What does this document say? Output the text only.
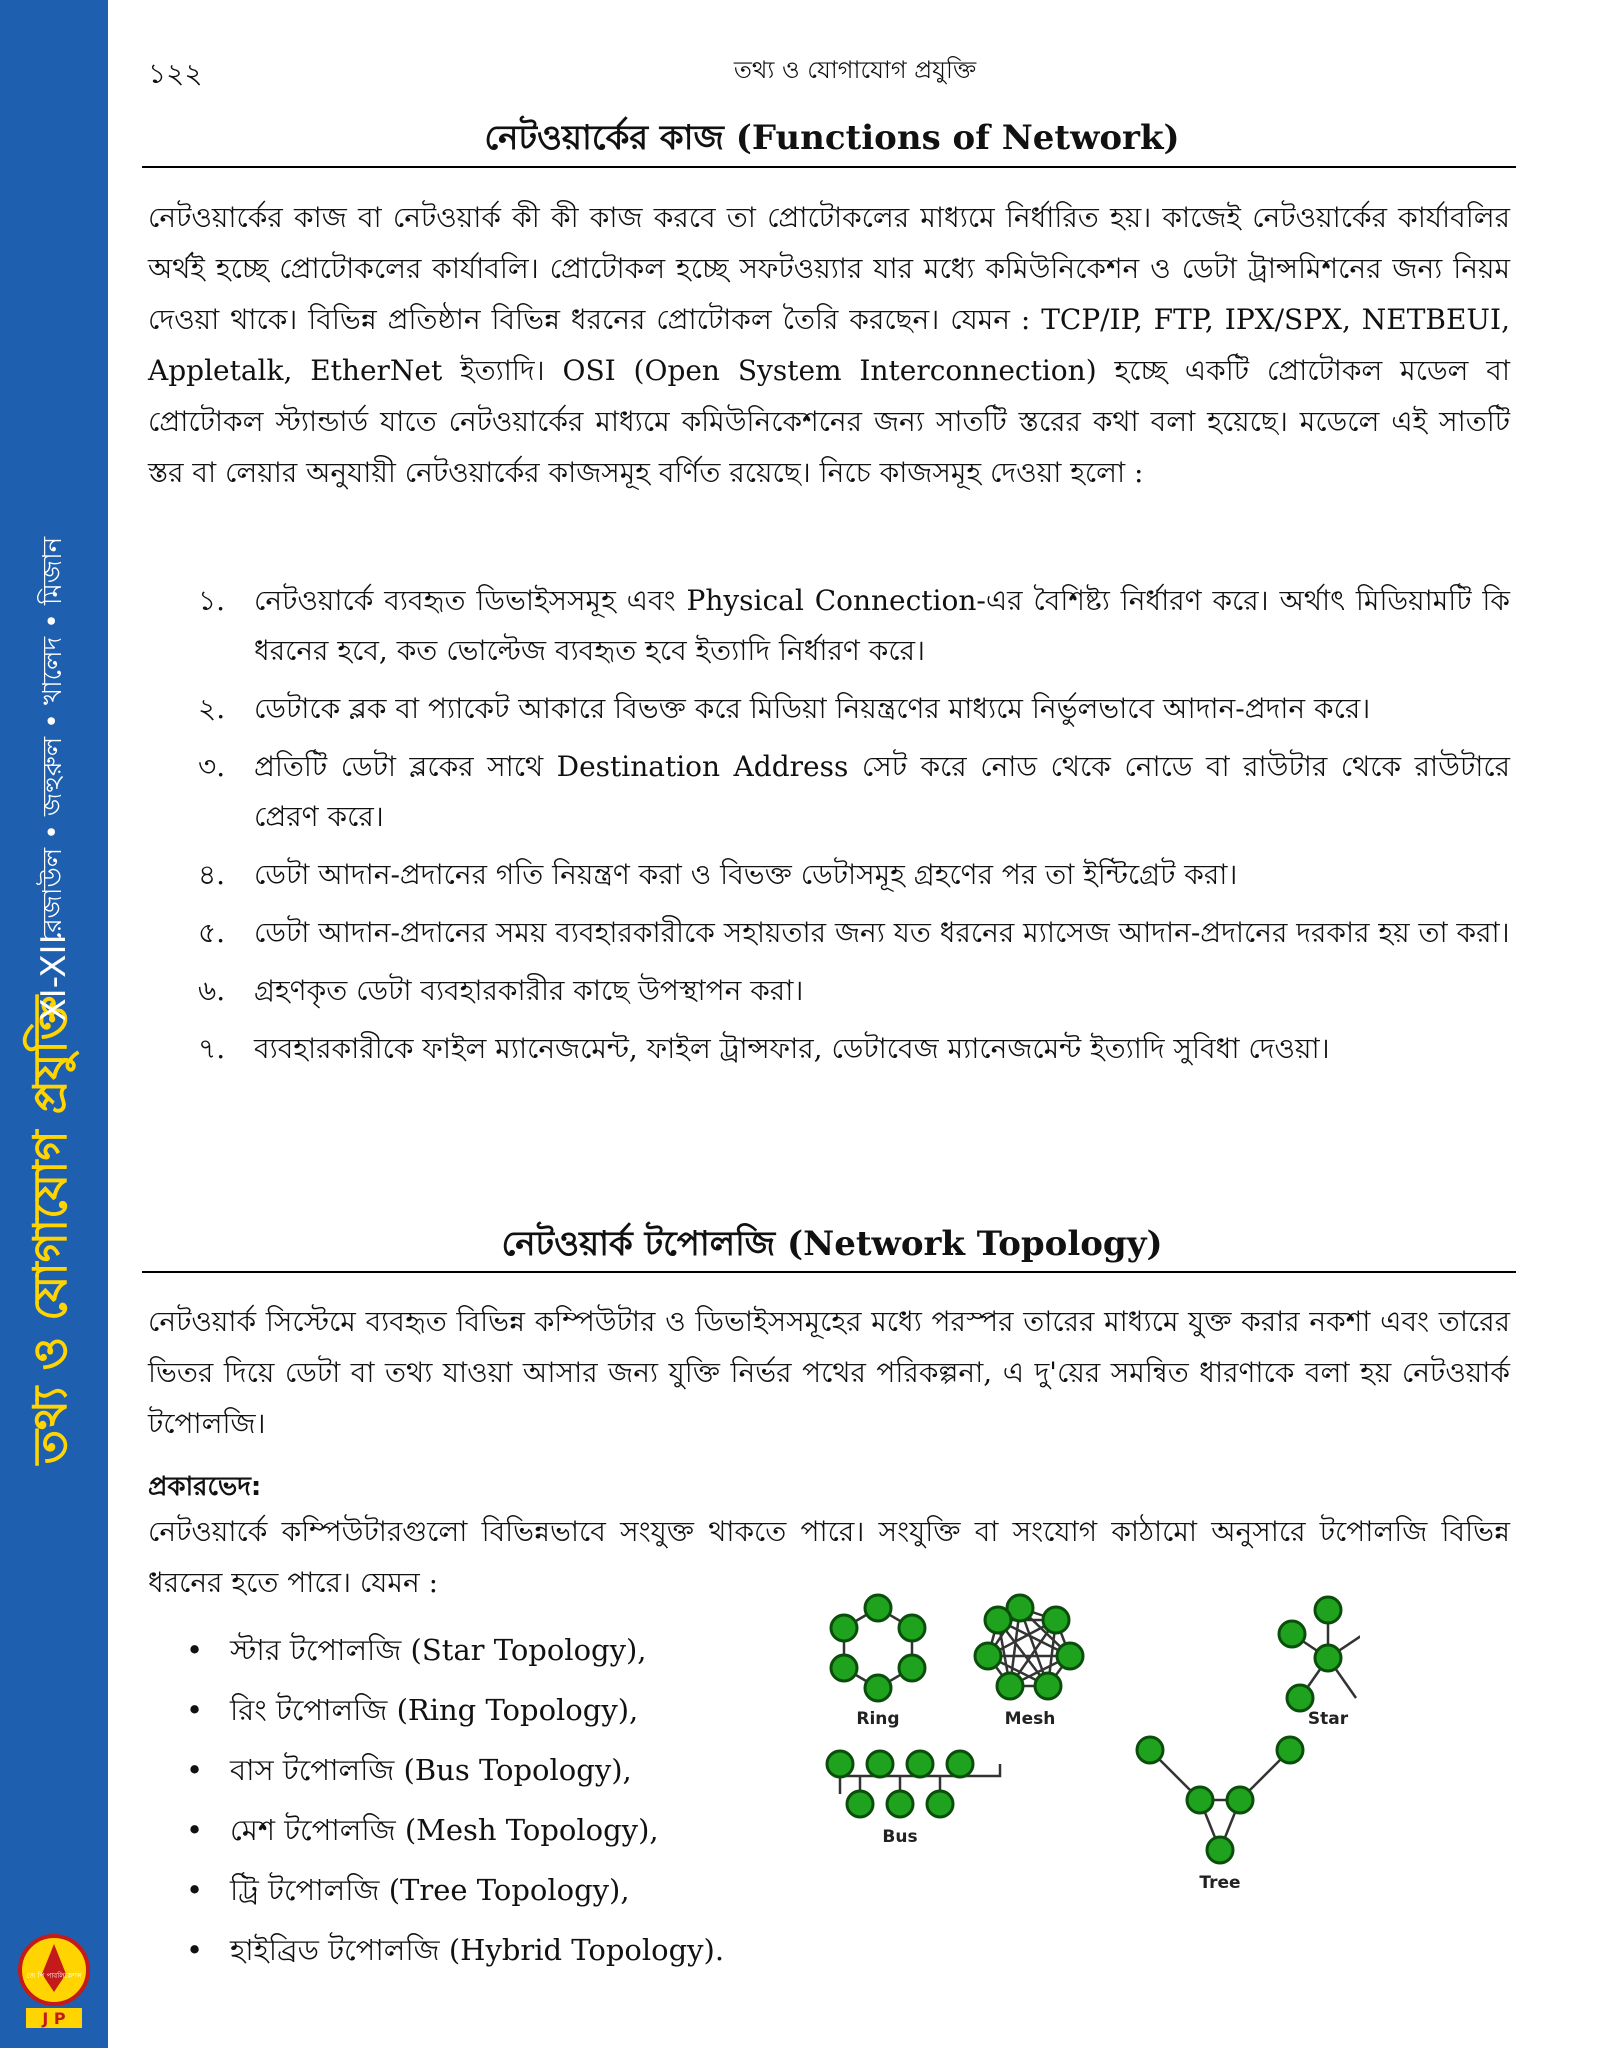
তথ্য ও যোগাযোগ প্রযুক্তি
XI-XII
রেজাউল • জহুরুল • খালেদ • মিজান
জে পি পাবলিকেশন্স
J P
১২২	তথ্য ও যোগাযোগ প্রযুক্তি
নেটওয়ার্কের কাজ (Functions of Network)
নেটওয়ার্কের কাজ বা নেটওয়ার্ক কী কী কাজ করবে তা প্রোটোকলের মাধ্যমে নির্ধারিত হয়। কাজেই নেটওয়ার্কের কার্যাবলির অর্থই হচ্ছে প্রোটোকলের কার্যাবলি। প্রোটোকল হচ্ছে সফটওয়্যার যার মধ্যে কমিউনিকেশন ও ডেটা ট্রান্সমিশনের জন্য নিয়ম দেওয়া থাকে। বিভিন্ন প্রতিষ্ঠান বিভিন্ন ধরনের প্রোটোকল তৈরি করছেন। যেমন : TCP/IP, FTP, IPX/SPX, NETBEUI, Appletalk, EtherNet ইত্যাদি। OSI (Open System Interconnection) হচ্ছে একটি প্রোটোকল মডেল বা প্রোটোকল স্ট্যান্ডার্ড যাতে নেটওয়ার্কের মাধ্যমে কমিউনিকেশনের জন্য সাতটি স্তরের কথা বলা হয়েছে। মডেলে এই সাতটি স্তর বা লেয়ার অনুযায়ী নেটওয়ার্কের কাজসমূহ বর্ণিত রয়েছে। নিচে কাজসমূহ দেওয়া হলো :
১. নেটওয়ার্কে ব্যবহৃত ডিভাইসসমূহ এবং Physical Connection-এর বৈশিষ্ট্য নির্ধারণ করে। অর্থাৎ মিডিয়ামটি কি ধরনের হবে, কত ভোল্টেজ ব্যবহৃত হবে ইত্যাদি নির্ধারণ করে।
২. ডেটাকে ব্লক বা প্যাকেট আকারে বিভক্ত করে মিডিয়া নিয়ন্ত্রণের মাধ্যমে নির্ভুলভাবে আদান-প্রদান করে।
৩. প্রতিটি ডেটা ব্লকের সাথে Destination Address সেট করে নোড থেকে নোডে বা রাউটার থেকে রাউটারে প্রেরণ করে।
৪. ডেটা আদান-প্রদানের গতি নিয়ন্ত্রণ করা ও বিভক্ত ডেটাসমূহ গ্রহণের পর তা ইন্টিগ্রেট করা।
৫. ডেটা আদান-প্রদানের সময় ব্যবহারকারীকে সহায়তার জন্য যত ধরনের ম্যাসেজ আদান-প্রদানের দরকার হয় তা করা।
৬. গ্রহণকৃত ডেটা ব্যবহারকারীর কাছে উপস্থাপন করা।
৭. ব্যবহারকারীকে ফাইল ম্যানেজমেন্ট, ফাইল ট্রান্সফার, ডেটাবেজ ম্যানেজমেন্ট ইত্যাদি সুবিধা দেওয়া।
নেটওয়ার্ক টপোলজি (Network Topology)
নেটওয়ার্ক সিস্টেমে ব্যবহৃত বিভিন্ন কম্পিউটার ও ডিভাইসসমূহের মধ্যে পরস্পর তারের মাধ্যমে যুক্ত করার নকশা এবং তারের ভিতর দিয়ে ডেটা বা তথ্য যাওয়া আসার জন্য যুক্তি নির্ভর পথের পরিকল্পনা, এ দু'য়ের সমন্বিত ধারণাকে বলা হয় নেটওয়ার্ক টপোলজি।
প্রকারভেদ:
নেটওয়ার্কে কম্পিউটারগুলো বিভিন্নভাবে সংযুক্ত থাকতে পারে। সংযুক্তি বা সংযোগ কাঠামো অনুসারে টপোলজি বিভিন্ন ধরনের হতে পারে। যেমন :
• স্টার টপোলজি (Star Topology),
• রিং টপোলজি (Ring Topology),
• বাস টপোলজি (Bus Topology),
• মেশ টপোলজি (Mesh Topology),
• ট্রি টপোলজি (Tree Topology),
• হাইব্রিড টপোলজি (Hybrid Topology).
Ring	Mesh	Star
Bus
Tree
